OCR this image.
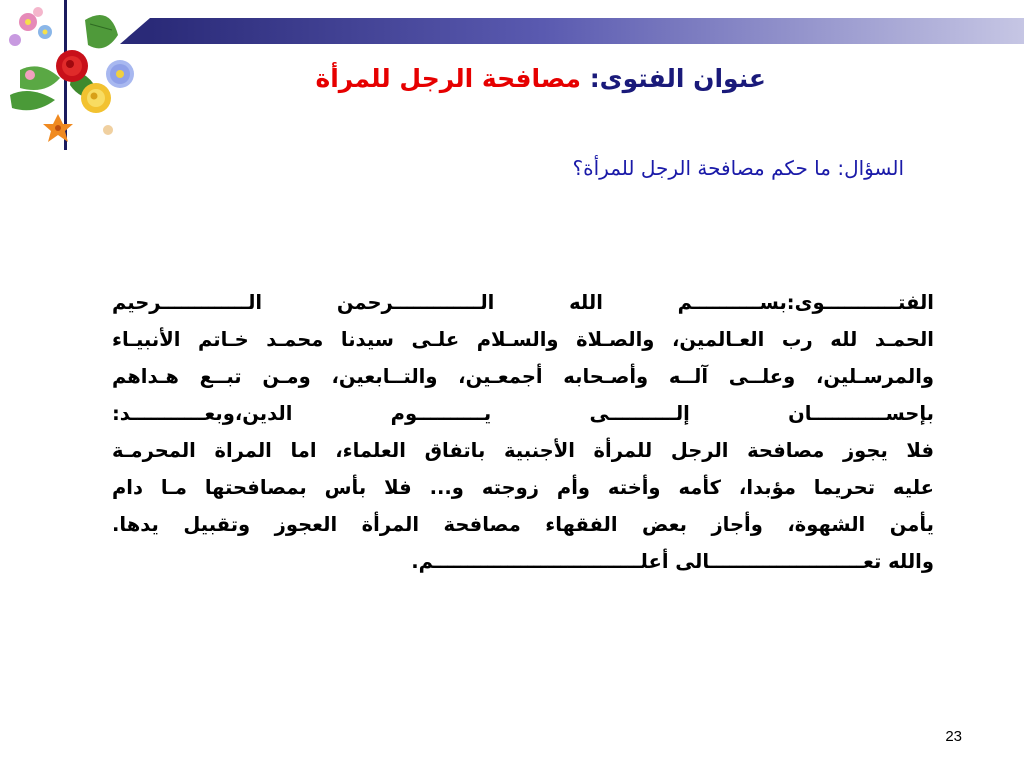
عنوان الفتوى: مصافحة الرجل للمرأة
السؤال: ما حكم مصافحة الرجل للمرأة؟
الفتـــــــــــوى:بســــــــــم الله الـــــــــــــرحمن الـــــــــــــرحيم
الحمـد لله رب العـالمين، والصـلاة والسـلام علـى سيدنا محمـد خـاتم الأنبيـاء
والمرسـلين، وعلــى آلــه وأصـحابه أجمعـين، والتــابعين، ومـن تبــع هـداهم
بإحســـــــــــان إلــــــــــى يــــــــــوم الدين،وبعـــــــــــد:
فلا يجوز مصافحة الرجل للمرأة الأجنبية باتفاق العلماء، اما المراة المحرمـة
عليه تحريما مؤبدا، كأمه وأخته وأم زوجته و... فلا بأس بمصافحتها مـا دام
يأمن الشهوة، وأجاز بعض الفقهاء مصافحة المرأة العجوز وتقبيل يدها.
والله تعـــــــــــــــــــــــالى أعلـــــــــــــــــــــــــــــــم.
23
